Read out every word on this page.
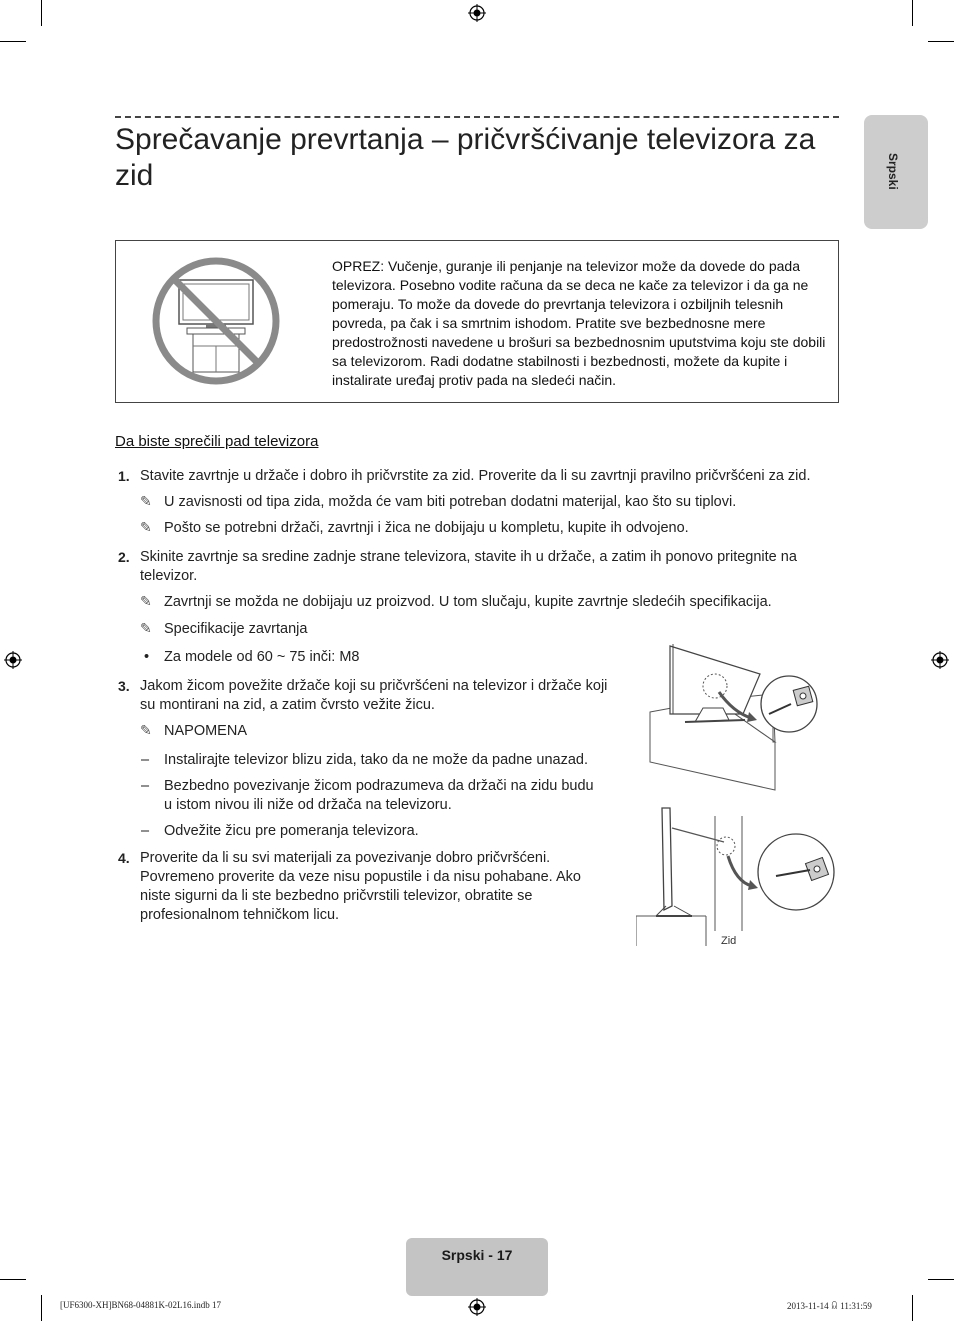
Srpski
Sprečavanje prevrtanja – pričvršćivanje televizora za zid
OPREZ: Vučenje, guranje ili penjanje na televizor može da dovede do pada televizora. Posebno vodite računa da se deca ne kače za televizor i da ga ne pomeraju. To može da dovede do prevrtanja televizora i ozbiljnih telesnih povreda, pa čak i sa smrtnim ishodom. Pratite sve bezbednosne mere predostrožnosti navedene u brošuri sa bezbednosnim uputstvima koju ste dobili sa televizorom. Radi dodatne stabilnosti i bezbednosti, možete da kupite i instalirate uređaj protiv pada na sledeći način.
Da biste sprečili pad televizora
1. Stavite zavrtnje u držače i dobro ih pričvrstite za zid. Proverite da li su zavrtnji pravilno pričvršćeni za zid.
✎ U zavisnosti od tipa zida, možda će vam biti potreban dodatni materijal, kao što su tiplovi.
✎ Pošto se potrebni držači, zavrtnji i žica ne dobijaju u kompletu, kupite ih odvojeno.
2. Skinite zavrtnje sa sredine zadnje strane televizora, stavite ih u držače, a zatim ih ponovo pritegnite na televizor.
✎ Zavrtnji se možda ne dobijaju uz proizvod. U tom slučaju, kupite zavrtnje sledećih specifikacija.
✎ Specifikacije zavrtanja
• Za modele od 60 ~ 75 inči: M8
3. Jakom žicom povežite držače koji su pričvršćeni na televizor i držače koji su montirani na zid, a zatim čvrsto vežite žicu.
✎ NAPOMENA
– Instalirajte televizor blizu zida, tako da ne može da padne unazad.
– Bezbedno povezivanje žicom podrazumeva da držači na zidu budu u istom nivou ili niže od držača na televizoru.
– Odvežite žicu pre pomeranja televizora.
4. Proverite da li su svi materijali za povezivanje dobro pričvršćeni. Povremeno proverite da veze nisu popustile i da nisu pohabane. Ako niste sigurni da li ste bezbedno pričvrstili televizor, obratite se profesionalnom tehničkom licu.
Zid
Srpski - 17
[UF6300-XH]BN68-04881K-02L16.indb 17	2013-11-14 ꆰ 11:31:59
